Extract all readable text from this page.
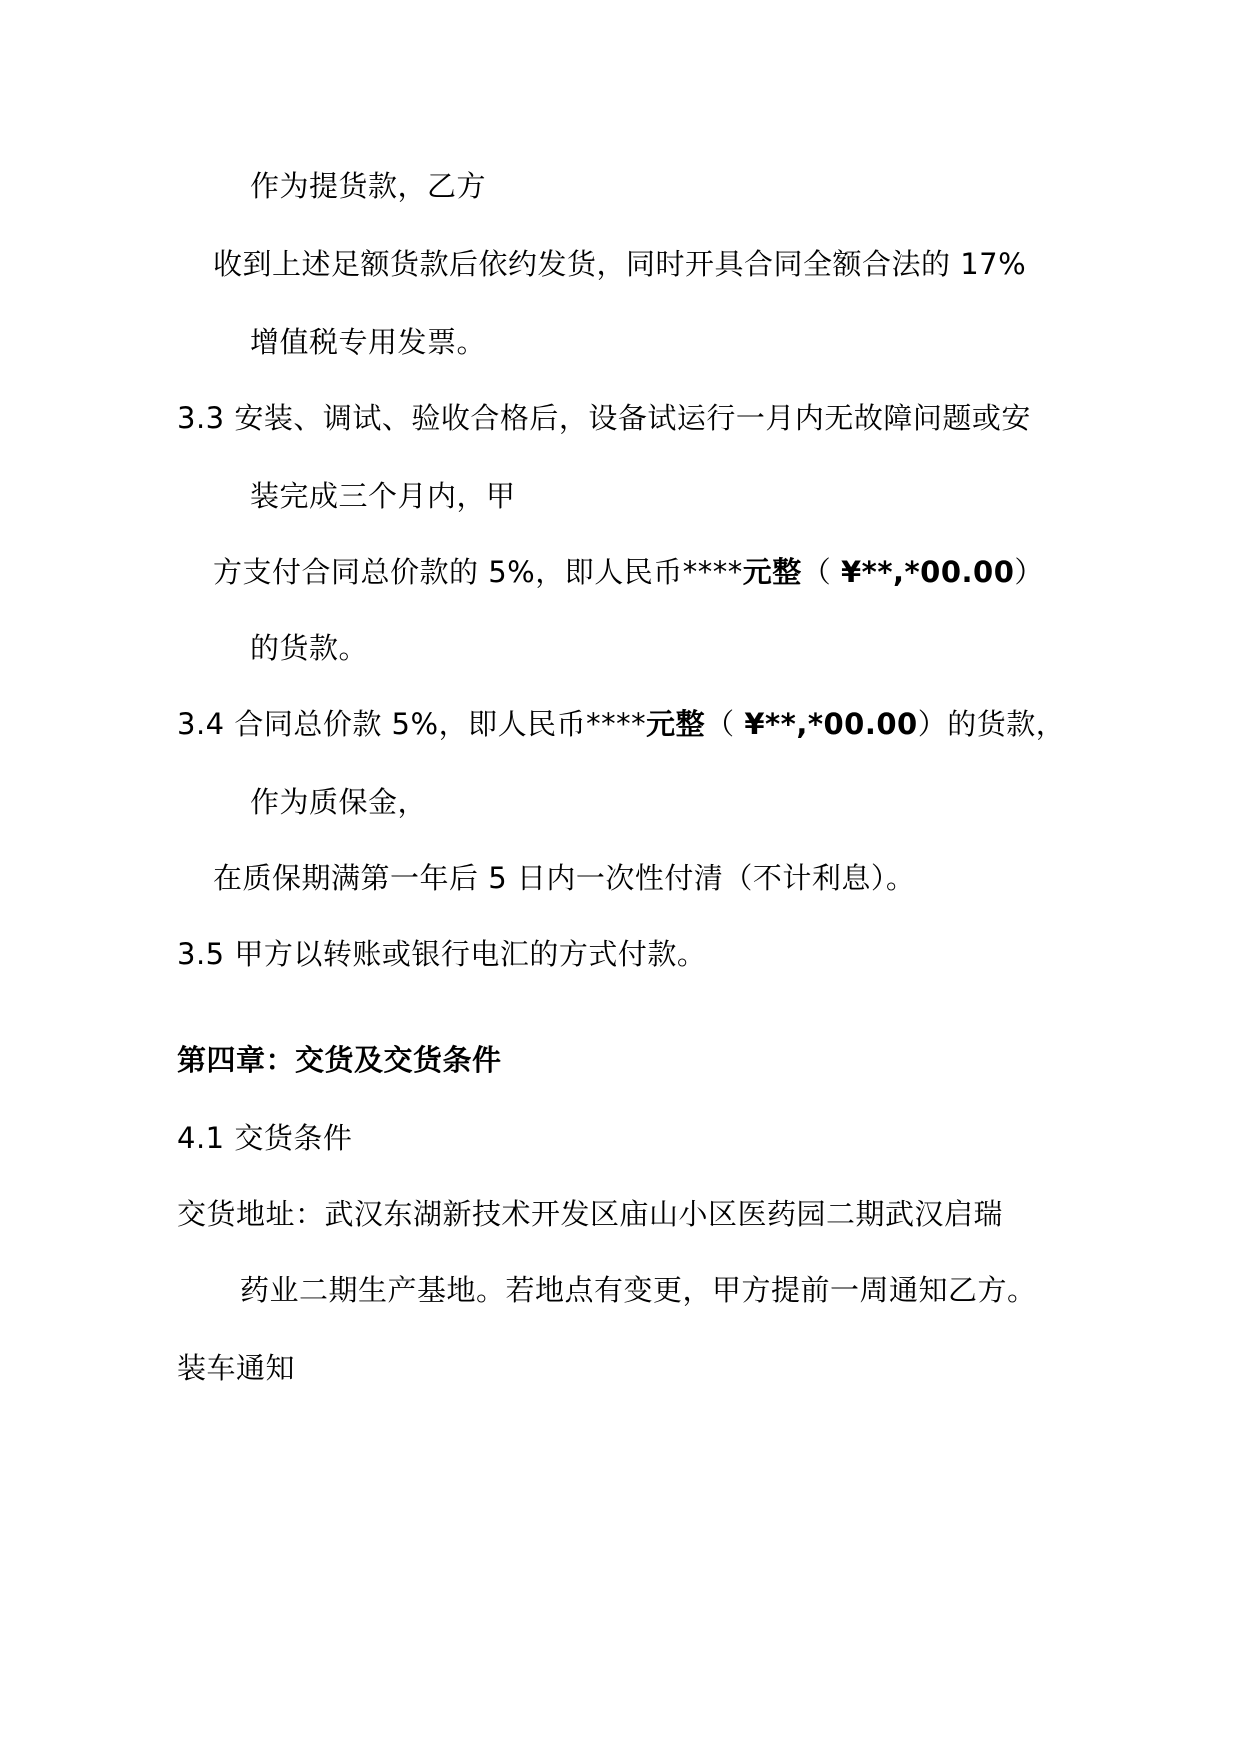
作为提货款，乙方
收到上述足额货款后依约发货，同时开具合同全额合法的 17%
增值税专用发票。
3.3 安装、调试、验收合格后，设备试运行一月内无故障问题或安
装完成三个月内，甲
方支付合同总价款的 5%，即人民币****元整（ ¥**,*00.00）
的货款。
3.4 合同总价款 5%，即人民币****元整（ ¥**,*00.00）的货款，
作为质保金，
在质保期满第一年后 5 日内一次性付清（不计利息）。
3.5 甲方以转账或银行电汇的方式付款。
第四章：交货及交货条件
4.1 交货条件
交货地址：武汉东湖新技术开发区庙山小区医药园二期武汉启瑞
药业二期生产基地。若地点有变更，甲方提前一周通知乙方。
装车通知
